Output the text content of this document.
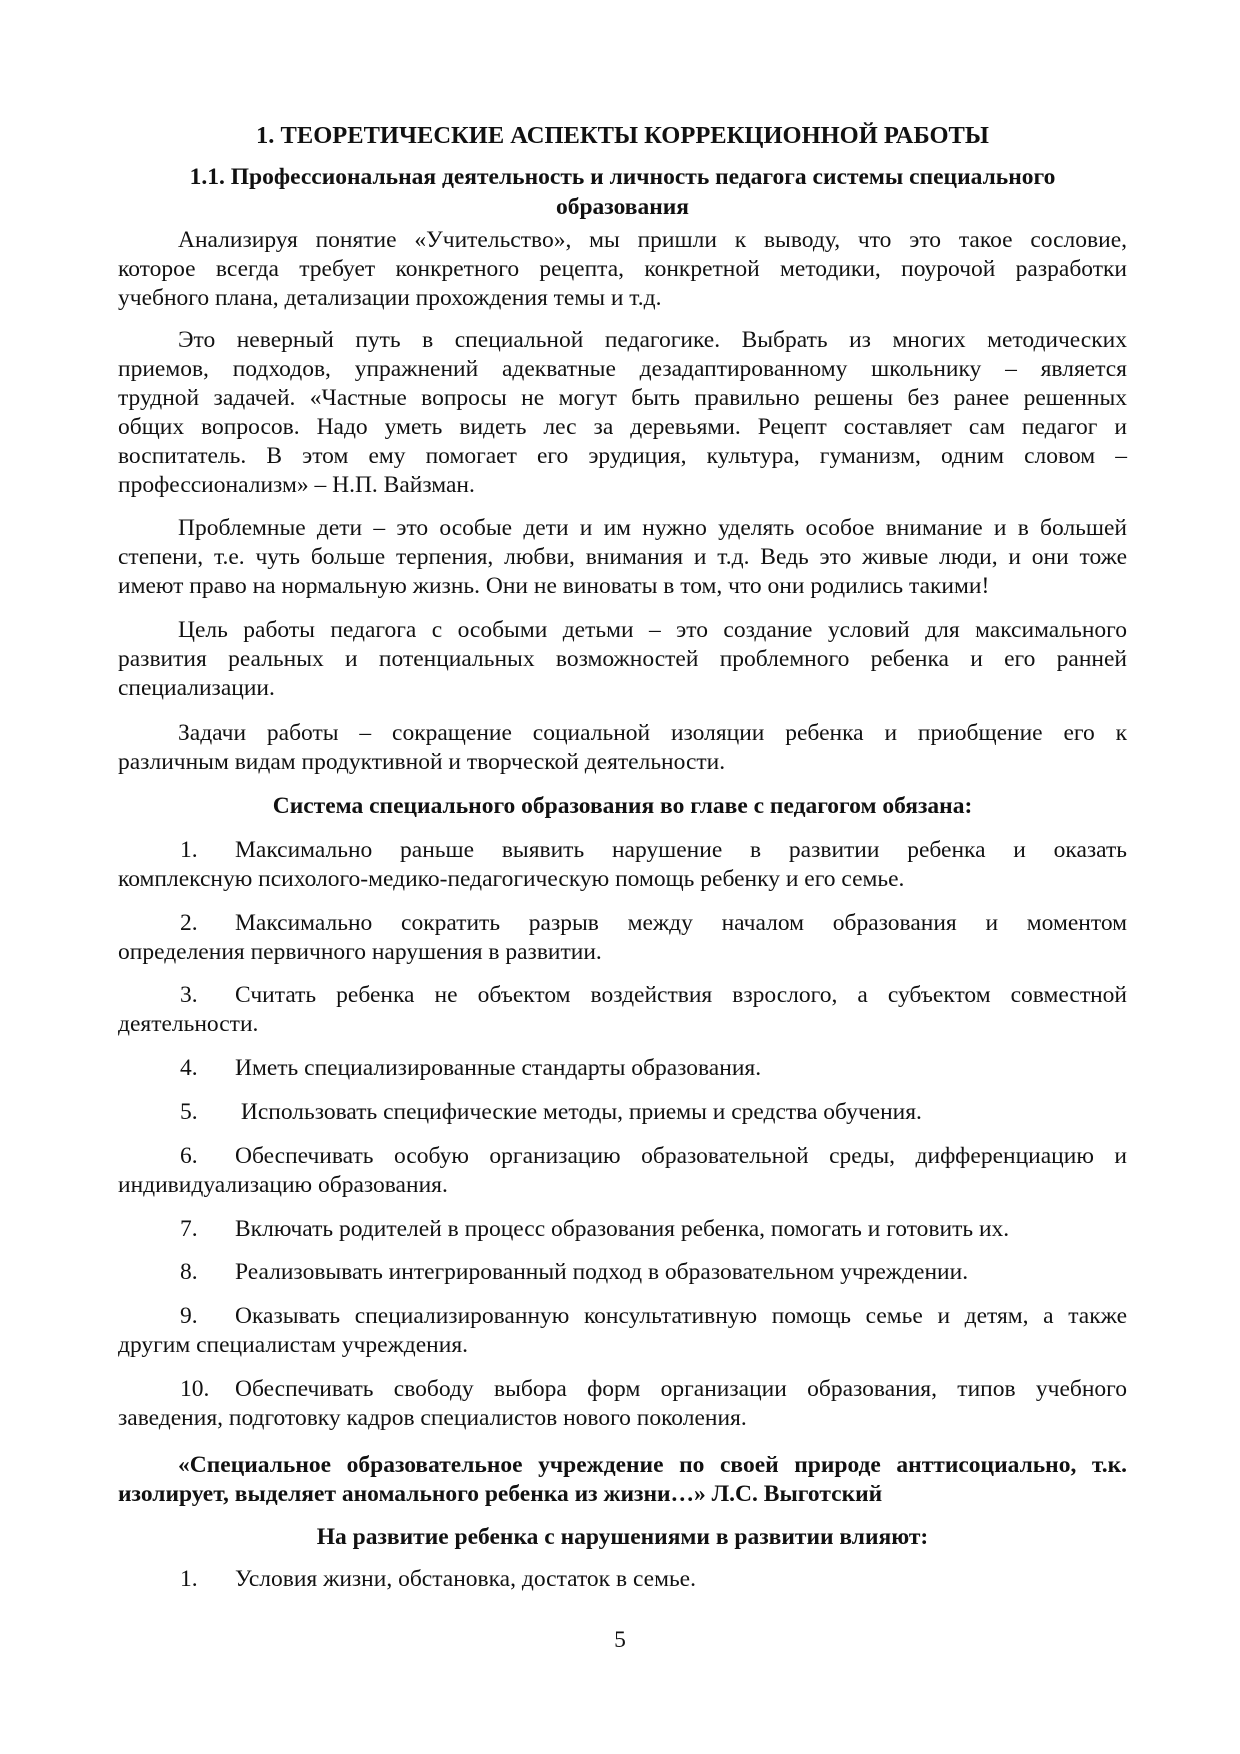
1. ТЕОРЕТИЧЕСКИЕ АСПЕКТЫ КОРРЕКЦИОННОЙ РАБОТЫ
1.1. Профессиональная деятельность и личность педагога системы специального
образования
Анализируя понятие «Учительство», мы пришли к выводу, что это такое сословие,
которое всегда требует конкретного рецепта, конкретной методики, поурочой разработки
учебного плана, детализации прохождения темы и т.д.
Это неверный путь в специальной педагогике. Выбрать из многих методических
приемов, подходов, упражнений адекватные дезадаптированному школьнику – является
трудной задачей. «Частные вопросы не могут быть правильно решены без ранее решенных
общих вопросов. Надо уметь видеть лес за деревьями. Рецепт составляет сам педагог и
воспитатель. В этом ему помогает его эрудиция, культура, гуманизм, одним словом –
профессионализм» – Н.П. Вайзман.
Проблемные дети – это особые дети и им нужно уделять особое внимание и в большей
степени, т.е. чуть больше терпения, любви, внимания и т.д. Ведь это живые люди, и они тоже
имеют право на нормальную жизнь. Они не виноваты в том, что они родились такими!
Цель работы педагога с особыми детьми – это создание условий для максимального
развития реальных и потенциальных возможностей проблемного ребенка и его ранней
специализации.
Задачи работы – сокращение социальной изоляции ребенка и приобщение его к
различным видам продуктивной и творческой деятельности.
Система специального образования во главе с педагогом обязана:
1.	Максимально раньше выявить нарушение в развитии ребенка и оказать
комплексную психолого-медико-педагогическую помощь ребенку и его семье.
2.	Максимально сократить разрыв между началом образования и моментом
определения первичного нарушения в развитии.
3.	Считать ребенка не объектом воздействия взрослого, а субъектом совместной
деятельности.
4. Иметь специализированные стандарты образования.
5. Использовать специфические методы, приемы и средства обучения.
6.	Обеспечивать особую организацию образовательной среды, дифференциацию и
индивидуализацию образования.
7. Включать родителей в процесс образования ребенка, помогать и готовить их.
8. Реализовывать интегрированный подход в образовательном учреждении.
9.	Оказывать специализированную консультативную помощь семье и детям, а также
другим специалистам учреждения.
10.	Обеспечивать свободу выбора форм организации образования, типов учебного
заведения, подготовку кадров специалистов нового поколения.
«Специальное образовательное учреждение по своей природе анттисоциально, т.к.
изолирует, выделяет аномального ребенка из жизни…» Л.С. Выготский
На развитие ребенка с нарушениями в развитии влияют:
1. Условия жизни, обстановка, достаток в семье.
5
